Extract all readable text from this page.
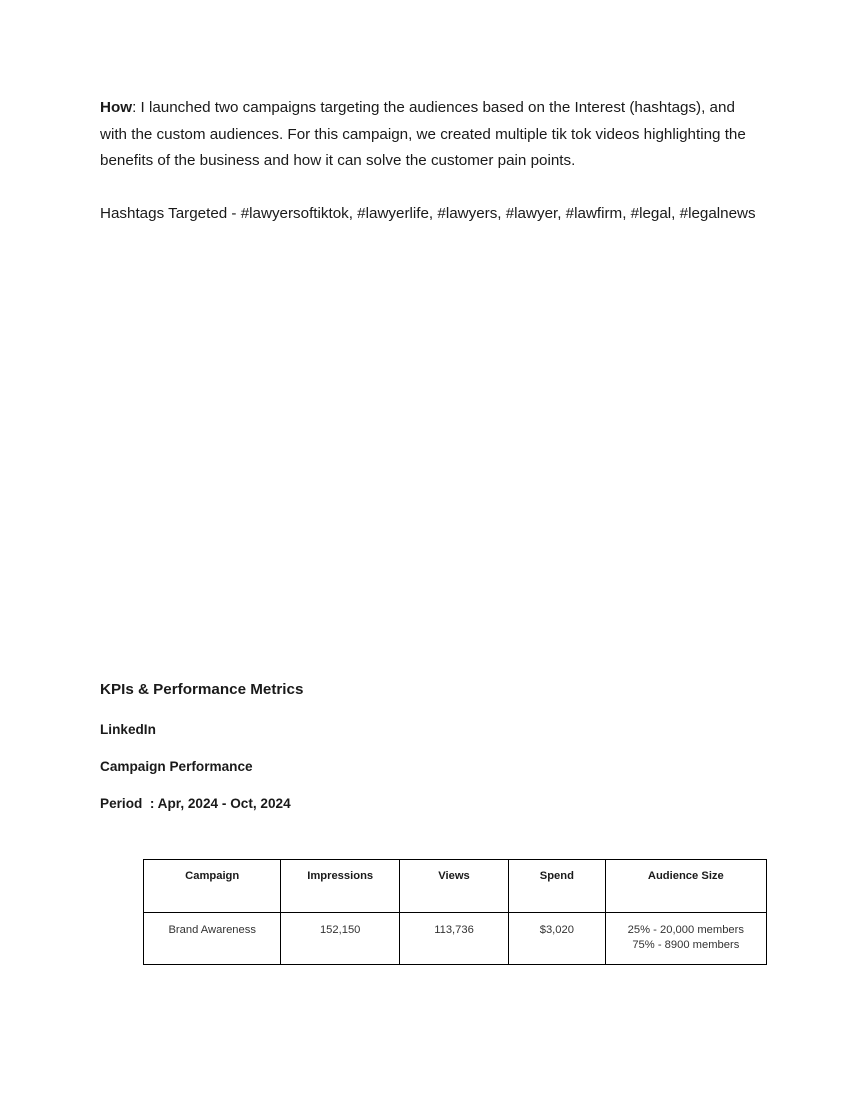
How: I launched two campaigns targeting the audiences based on the Interest (hashtags), and with the custom audiences. For this campaign, we created multiple tik tok videos highlighting the benefits of the business and how it can solve the customer pain points.

Hashtags Targeted - #lawyersoftiktok, #lawyerlife, #lawyers, #lawyer, #lawfirm, #legal, #legalnews

KPIs & Performance Metrics
LinkedIn
Campaign Performance
Period  : Apr, 2024 - Oct, 2024
Campaign	Impressions	Views	Spend	Audience Size
Brand Awareness	152,150	113,736	$3,020	25% - 20,000 members
75% - 8900 members
